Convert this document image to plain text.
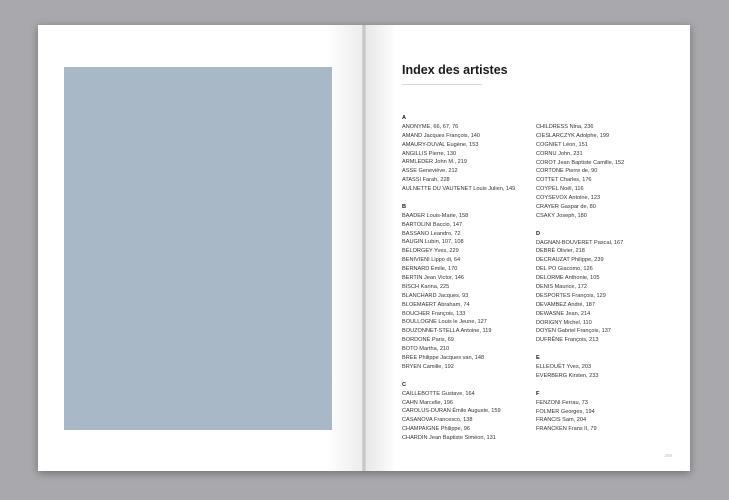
Index des artistes
A
ANONYME, 66, 67, 76
AMAND Jacques François, 140
AMAURY-DUVAL Eugène, 153
ANGILLIS Pierre, 130
ARMLEDER John M., 219
ASSE Geneviève, 212
ATASSI Farah, 228
AULNETTE DU VAUTENET Louis Julien, 149
B
BAADER Louis-Marie, 158
BARTOLINI Baccio, 147
BASSANO Leandro, 72
BAUGIN Lubin, 107, 108
BÉLORGEY Yves, 229
BENIVIENI Lippo di, 64
BERNARD Émile, 170
BERTIN Jean Victor, 146
BISCH Karina, 225
BLANCHARD Jacques, 93
BLOEMAERT Abraham, 74
BOUCHER François, 133
BOULLOGNE Louis le Jeune, 127
BOUZONNET-STELLA Antoine, 119
BORDONE Paris, 69
BOTO Martha, 210
BRÉE Philippe Jacques van, 148
BRYEN Camille, 192
C
CAILLEBOTTE Gustave, 164
CAHN Marcelle, 196
CAROLUS-DURAN Émile Auguste, 159
CASANOVA Francesco, 138
CHAMPAIGNE Philippe, 96
CHARDIN Jean Baptiste Siméon, 131
CHILDRESS Nina, 236
CIESLARCZYK Adolphe, 199
COGNIET Léon, 151
CORNU John, 231
COROT Jean Baptiste Camille, 152
CORTONE Pierre de, 90
COTTET Charles, 176
COYPEL Noël, 116
COYSEVOX Antoine, 123
CRAYER Gaspar de, 80
CSAKY Joseph, 180
D
DAGNAN-BOUVERET Pascal, 167
DEBRÉ Olivier, 218
DECRAUZAT Philippe, 239
DEL PO Giacomo, 126
DELORME Anthonie, 105
DENIS Maurice, 172
DESPORTES François, 129
DEVAMBEZ André, 187
DEWASNE Jean, 214
DORIGNY Michel, 110
DOYEN Gabriel François, 137
DUFRÊNE François, 213
E
ELLEOUËT Yves, 203
EVERBERG Kirsten, 233
F
FENZONI Ferrau, 73
FOLMER Georges, 194
FRANCIS Sam, 204
FRANCKEN Frans II, 79
289
